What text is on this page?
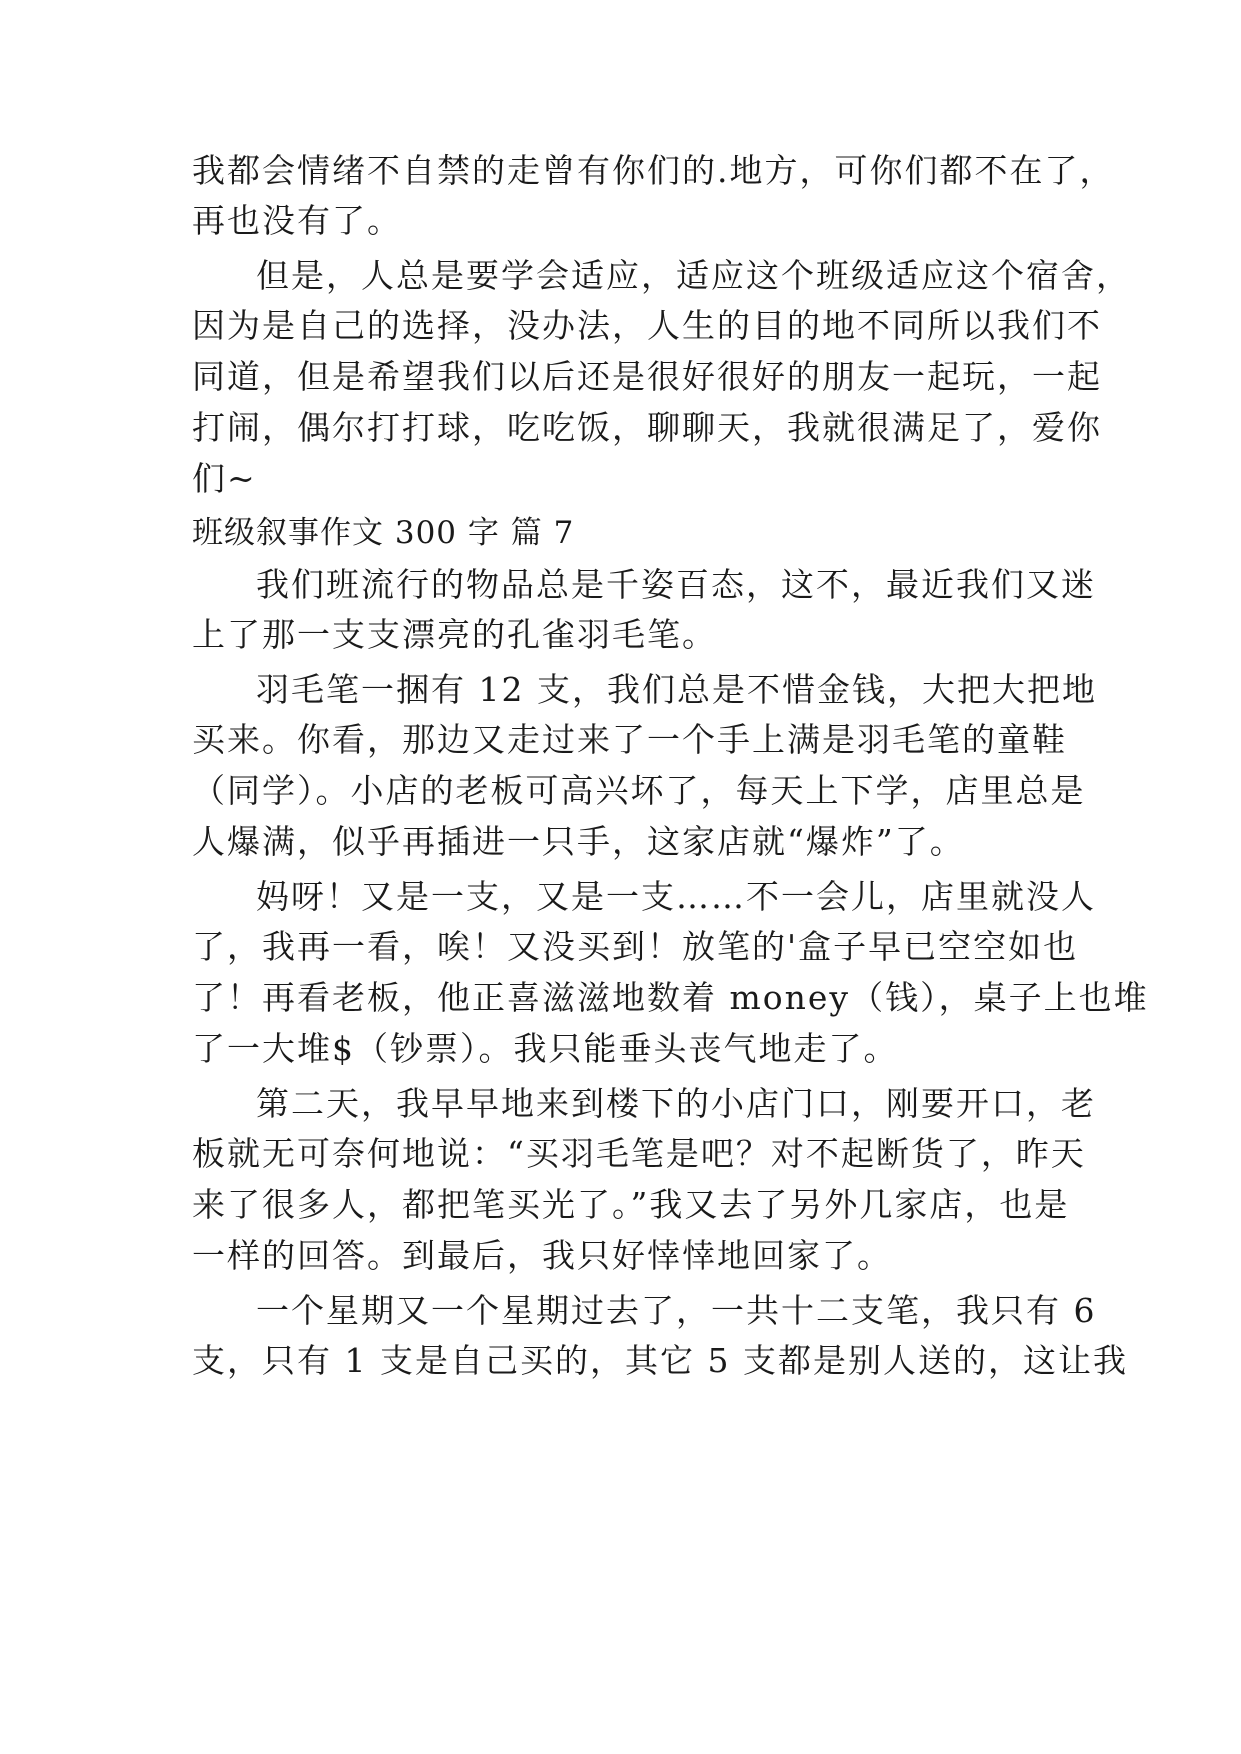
我都会情绪不自禁的走曾有你们的.地方，可你们都不在了，

再也没有了。

但是，人总是要学会适应，适应这个班级适应这个宿舍，

因为是自己的选择，没办法，人生的目的地不同所以我们不

同道，但是希望我们以后还是很好很好的朋友一起玩，一起

打闹，偶尔打打球，吃吃饭，聊聊天，我就很满足了，爱你

们~

班级叙事作文 300 字 篇 7

我们班流行的物品总是千姿百态，这不，最近我们又迷

上了那一支支漂亮的孔雀羽毛笔。

羽毛笔一捆有 12 支，我们总是不惜金钱，大把大把地

买来。你看，那边又走过来了一个手上满是羽毛笔的童鞋

（同学）。小店的老板可高兴坏了，每天上下学，店里总是

人爆满，似乎再插进一只手，这家店就“爆炸”了。

妈呀！又是一支，又是一支……不一会儿，店里就没人

了，我再一看，唉！又没买到！放笔的'盒子早已空空如也

了！再看老板，他正喜滋滋地数着 money（钱），桌子上也堆

了一大堆$（钞票）。我只能垂头丧气地走了。

第二天，我早早地来到楼下的小店门口，刚要开口，老

板就无可奈何地说：“买羽毛笔是吧？对不起断货了，昨天

来了很多人，都把笔买光了。”我又去了另外几家店，也是

一样的回答。到最后，我只好悻悻地回家了。

一个星期又一个星期过去了，一共十二支笔，我只有 6

支，只有 1 支是自己买的，其它 5 支都是别人送的，这让我
